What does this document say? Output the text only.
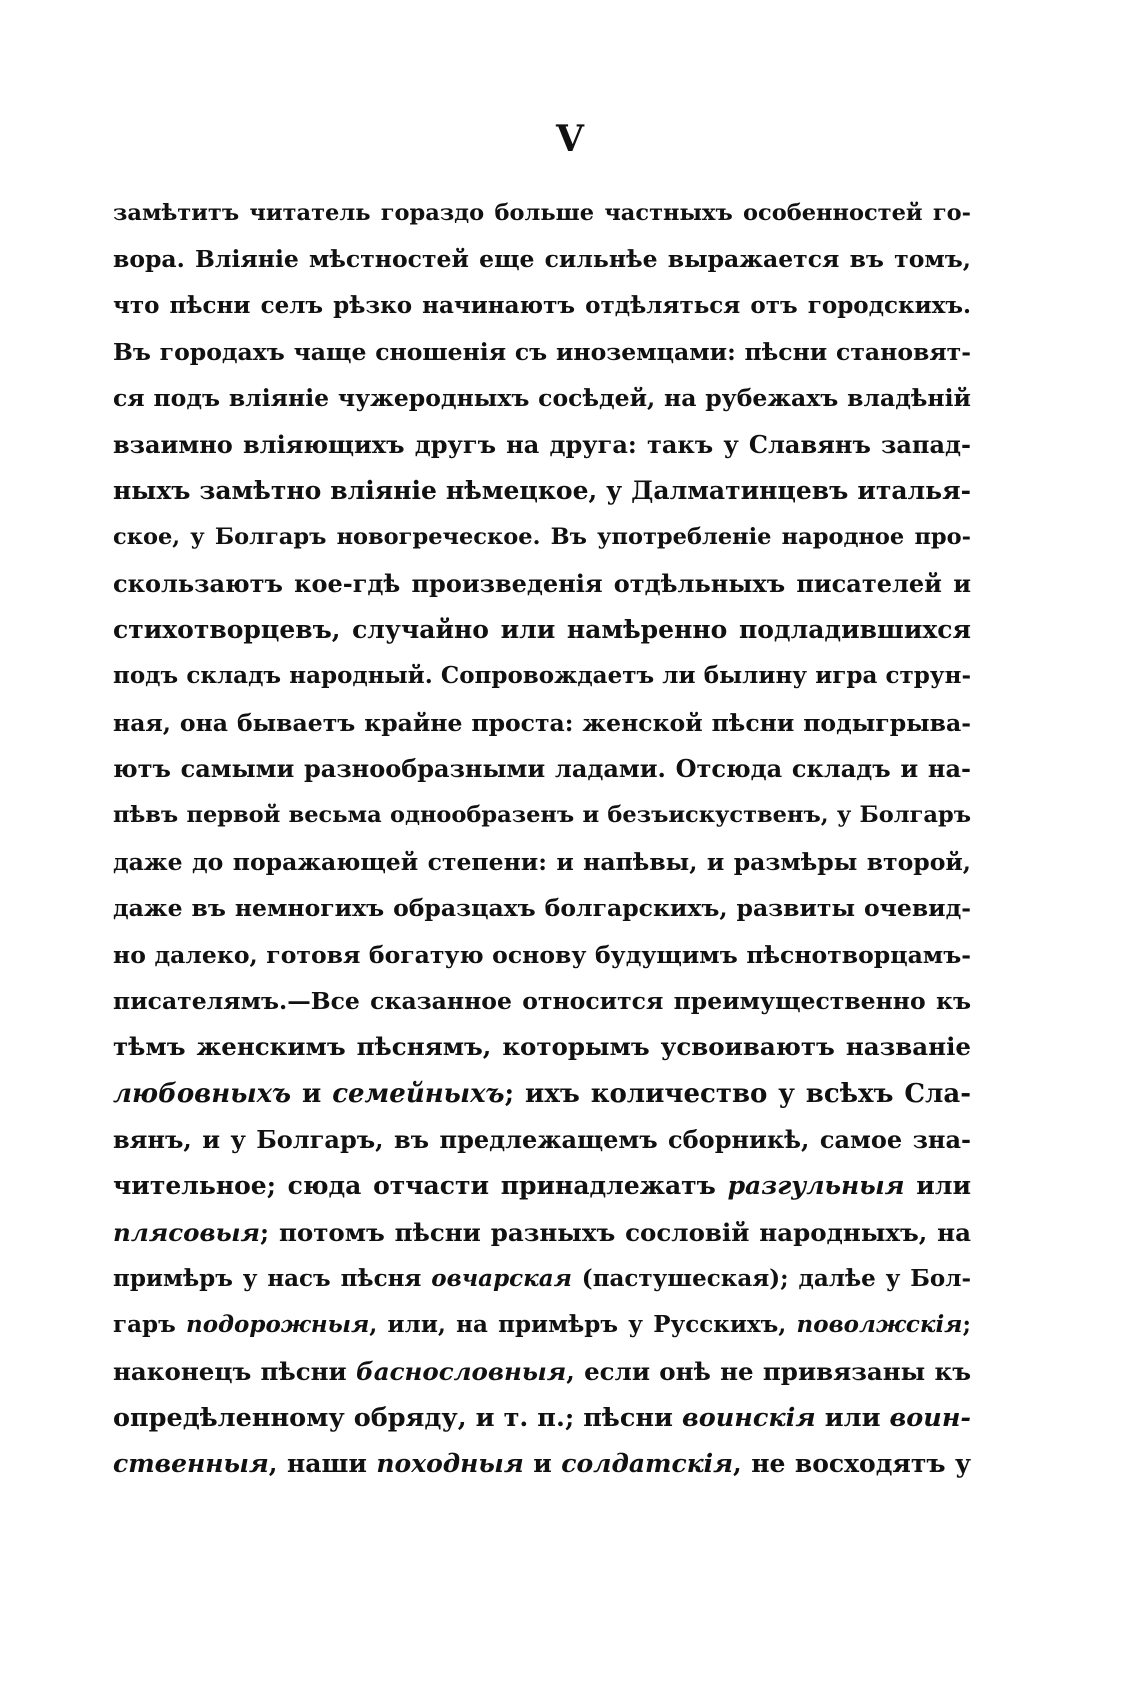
V
замѣтитъ читатель гораздо больше частныхъ особенностей го-
вора. Вліяніе мѣстностей еще сильнѣе выражается въ томъ,
что пѣсни селъ рѣзко начинаютъ отдѣляться отъ городскихъ.
Въ городахъ чаще сношенія съ иноземцами: пѣсни становят-
ся подъ вліяніе чужеродныхъ сосѣдей, на рубежахъ владѣній
взаимно вліяющихъ другъ на друга: такъ у Славянъ запад-
ныхъ замѣтно вліяніе нѣмецкое, у Далматинцевъ италья-
ское, у Болгаръ новогреческое. Въ употребленіе народное про-
скользаютъ кое-гдѣ произведенія отдѣльныхъ писателей и
стихотворцевъ, случайно или намѣренно подладившихся
подъ складъ народный. Сопровождаетъ ли былину игра струн-
ная, она бываетъ крайне проста: женской пѣсни подыгрыва-
ютъ самыми разнообразными ладами. Отсюда складъ и на-
пѣвъ первой весьма однообразенъ и безъискуственъ, у Болгаръ
даже до поражающей степени: и напѣвы, и размѣры второй,
даже въ немногихъ образцахъ болгарскихъ, развиты очевид-
но далеко, готовя богатую основу будущимъ пѣснотворцамъ-
писателямъ.—Все сказанное относится преимущественно къ
тѣмъ женскимъ пѣснямъ, которымъ усвоиваютъ названіе
любовныхъ и семейныхъ; ихъ количество у всѣхъ Сла-
вянъ, и у Болгаръ, въ предлежащемъ сборникѣ, самое зна-
чительное; сюда отчасти принадлежатъ разгульныя или
плясовыя; потомъ пѣсни разныхъ сословій народныхъ, на
примѣръ у насъ пѣсня овчарская (пастушеская); далѣе у Бол-
гаръ подорожныя, или, на примѣръ у Русскихъ, поволжскія;
наконецъ пѣсни баснословныя, если онѣ не привязаны къ
опредѣленному обряду, и т. п.; пѣсни воинскія или воин-
ственныя, наши походныя и солдатскія, не восходятъ у
